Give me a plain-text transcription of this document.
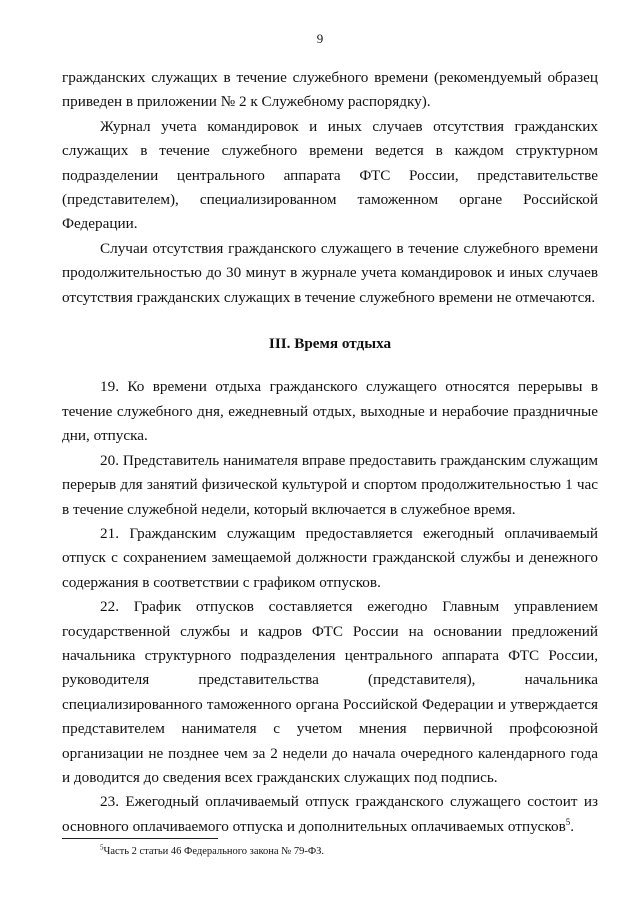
9

гражданских служащих в течение служебного времени (рекомендуемый образец приведен в приложении № 2 к Служебному распорядку).

Журнал учета командировок и иных случаев отсутствия гражданских служащих в течение служебного времени ведется в каждом структурном подразделении центрального аппарата ФТС России, представительстве (представителем), специализированном таможенном органе Российской Федерации.

Случаи отсутствия гражданского служащего в течение служебного времени продолжительностью до 30 минут в журнале учета командировок и иных случаев отсутствия гражданских служащих в течение служебного времени не отмечаются.

III. Время отдыха

19. Ко времени отдыха гражданского служащего относятся перерывы в течение служебного дня, ежедневный отдых, выходные и нерабочие праздничные дни, отпуска.

20. Представитель нанимателя вправе предоставить гражданским служащим перерыв для занятий физической культурой и спортом продолжительностью 1 час в течение служебной недели, который включается в служебное время.

21. Гражданским служащим предоставляется ежегодный оплачиваемый отпуск с сохранением замещаемой должности гражданской службы и денежного содержания в соответствии с графиком отпусков.

22. График отпусков составляется ежегодно Главным управлением государственной службы и кадров ФТС России на основании предложений начальника структурного подразделения центрального аппарата ФТС России, руководителя представительства (представителя), начальника специализированного таможенного органа Российской Федерации и утверждается представителем нанимателя с учетом мнения первичной профсоюзной организации не позднее чем за 2 недели до начала очередного календарного года и доводится до сведения всех гражданских служащих под подпись.

23. Ежегодный оплачиваемый отпуск гражданского служащего состоит из основного оплачиваемого отпуска и дополнительных оплачиваемых отпусков$^5$.

$^5$Часть 2 статьи 46 Федерального закона № 79-ФЗ.
